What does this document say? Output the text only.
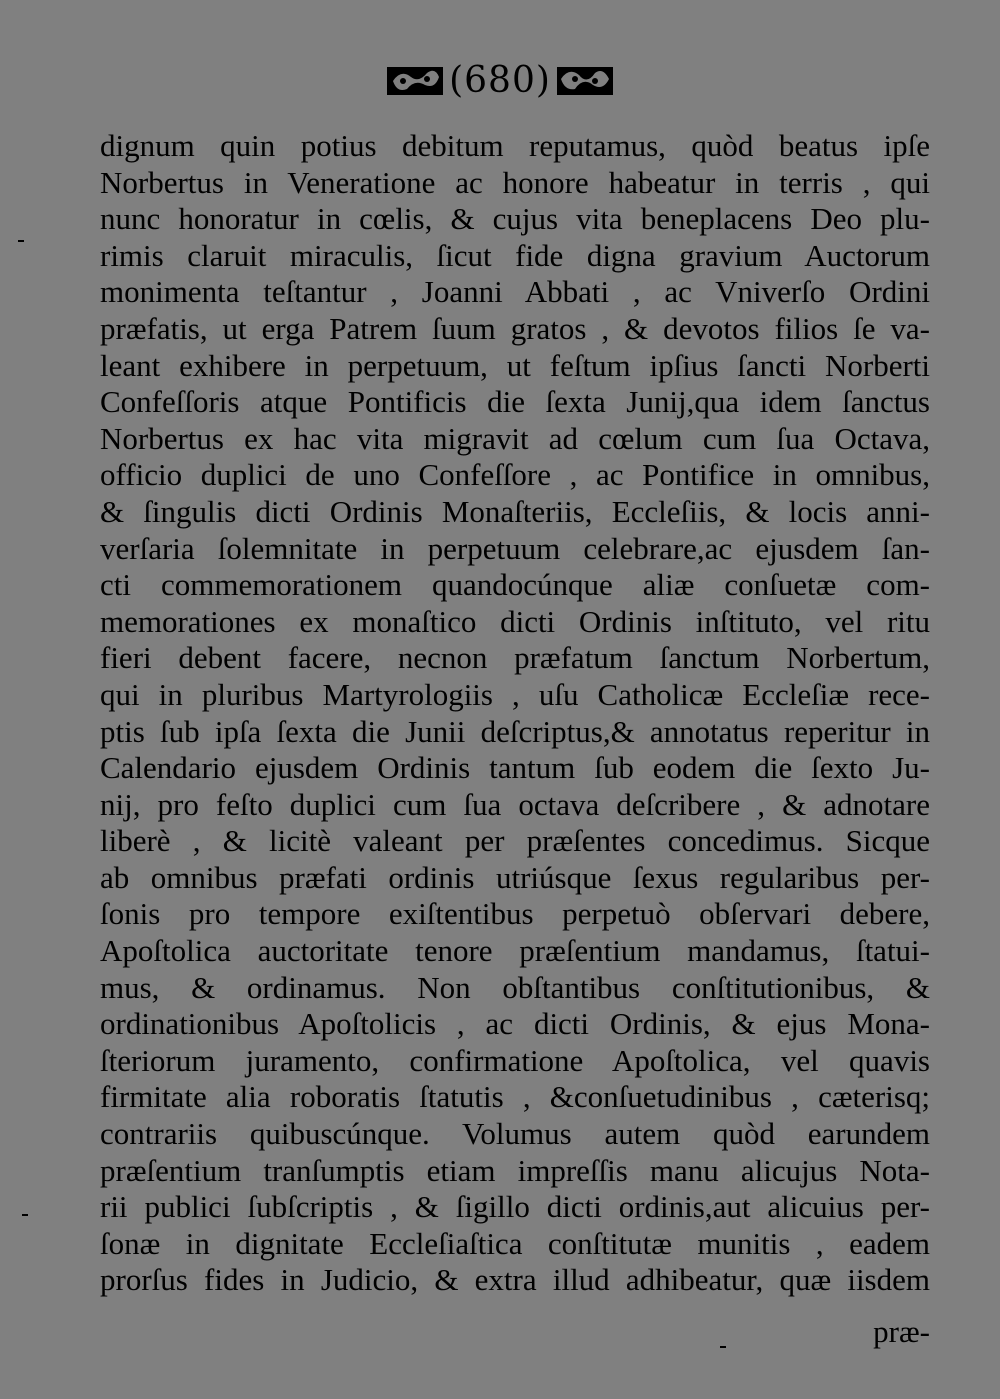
(680)
dignum quin potius debitum reputamus, quòd beatus ipſe
Norbertus in Veneratione ac honore habeatur in terris , qui
nunc honoratur in cœlis, & cujus vita beneplacens Deo plu-
rimis claruit miraculis, ſicut fide digna gravium Auctorum
monimenta teſtantur , Joanni Abbati , ac Vniverſo Ordini
præfatis, ut erga Patrem ſuum gratos , & devotos filios ſe va-
leant exhibere in perpetuum, ut feſtum ipſius ſancti Norberti
Confeſſoris atque Pontificis die ſexta Junij,qua idem ſanctus
Norbertus ex hac vita migravit ad cœlum cum ſua Octava,
officio duplici de uno Confeſſore , ac Pontifice in omnibus,
& ſingulis dicti Ordinis Monaſteriis, Eccleſiis, & locis anni-
verſaria ſolemnitate in perpetuum celebrare,ac ejusdem ſan-
cti commemorationem quandocúnque aliæ conſuetæ com-
memorationes ex monaſtico dicti Ordinis inſtituto, vel ritu
fieri debent facere, necnon præfatum ſanctum Norbertum,
qui in pluribus Martyrologiis , uſu Catholicæ Eccleſiæ rece-
ptis ſub ipſa ſexta die Junii deſcriptus,& annotatus reperitur in
Calendario ejusdem Ordinis tantum ſub eodem die ſexto Ju-
nij, pro feſto duplici cum ſua octava deſcribere , & adnotare
liberè , & licitè valeant per præſentes concedimus. Sicque
ab omnibus præfati ordinis utriúsque ſexus regularibus per-
ſonis pro tempore exiſtentibus perpetuò obſervari debere,
Apoſtolica auctoritate tenore præſentium mandamus, ſtatui-
mus, & ordinamus. Non obſtantibus conſtitutionibus, &
ordinationibus Apoſtolicis , ac dicti Ordinis, & ejus Mona-
ſteriorum juramento, confirmatione Apoſtolica, vel quavis
firmitate alia roboratis ſtatutis , &conſuetudinibus , cæterisq;
contrariis quibuscúnque. Volumus autem quòd earundem
præſentium tranſumptis etiam impreſſis manu alicujus Nota-
rii publici ſubſcriptis , & ſigillo dicti ordinis,aut alicuius per-
ſonæ in dignitate Eccleſiaſtica conſtitutæ munitis , eadem
prorſus fides in Judicio, & extra illud adhibeatur, quæ iisdem
præ-
